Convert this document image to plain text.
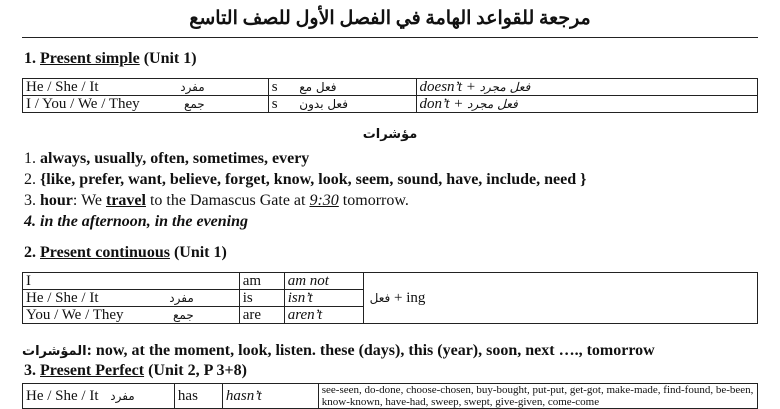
مرجعة للقواعد الهامة في الفصل الأول للصف التاسع
1. Present simple (Unit 1)
He / She / It مفرد	s فعل مع	doesn’t + فعل مجرد
I / You / We / They جمع	s فعل بدون	don’t + فعل مجرد
مؤشرات
1. always, usually, often, sometimes, every
2. {like, prefer, want, believe, forget, know, look, seem, sound, have, include, need }
3. hour: We travel to the Damascus Gate at 9:30 tomorrow.
4. in the afternoon, in the evening
2. Present continuous (Unit 1)
I	am	am not	فعل + ing
He / She / It مفرد	is	isn’t	
You / We / They جمع	are	aren’t	
المؤشرات: now, at the moment, look, listen. these (days), this (year), soon, next …., tomorrow
3. Present Perfect (Unit 2, P 3+8)
He / She / It مفرد	has	hasn’t	see-seen, do-done, choose-chosen, buy-bought, put-put, get-got, make-made, find-found, be-been, know-known, have-had, sweep, swept, give-given, come-come
